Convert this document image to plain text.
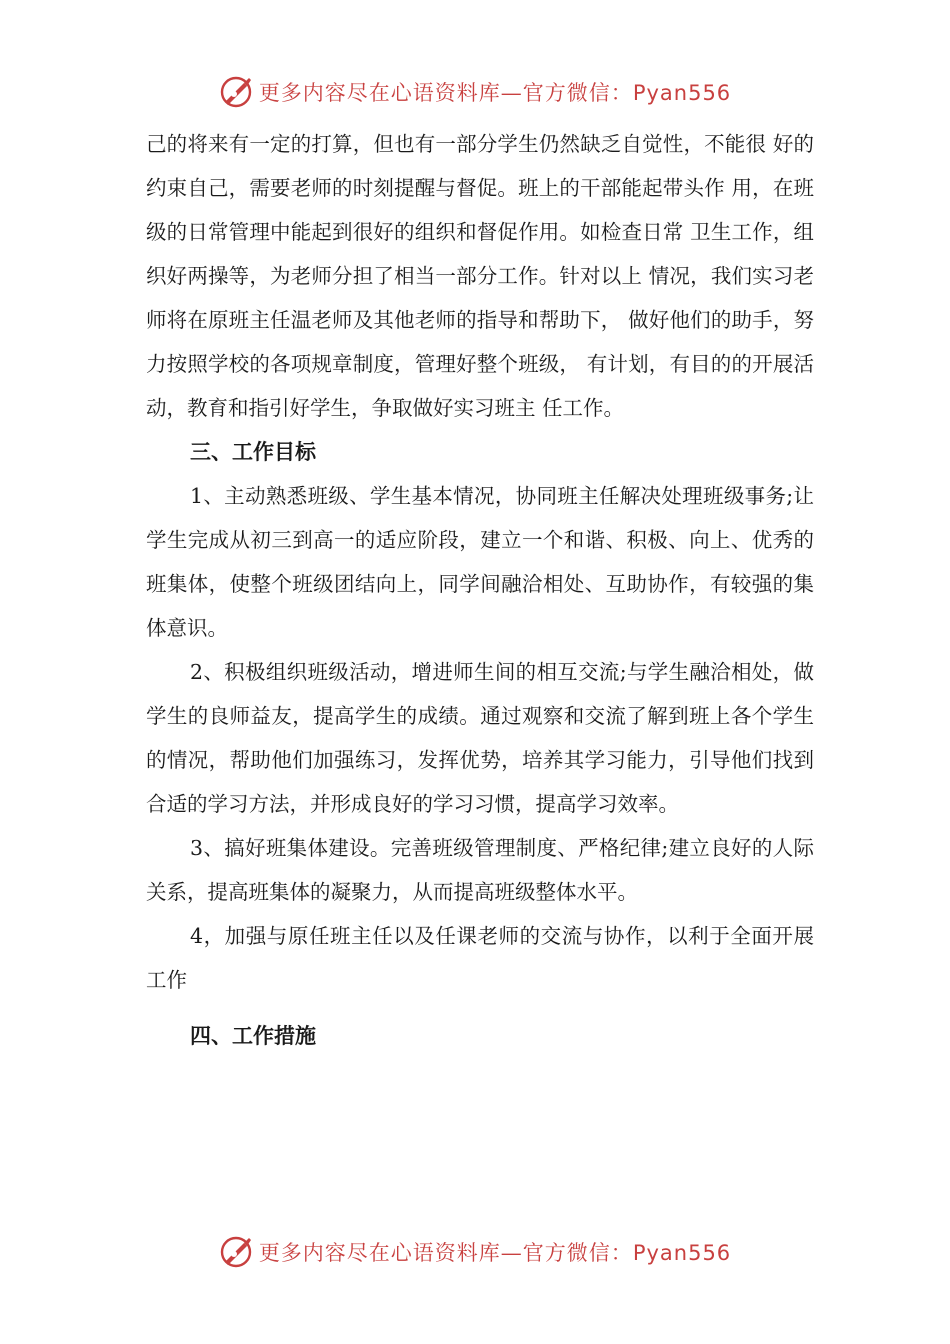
更多内容尽在心语资料库—官方微信：Pyan556

己的将来有一定的打算，但也有一部分学生仍然缺乏自觉性，不能很 好的约束自己，需要老师的时刻提醒与督促。班上的干部能起带头作 用，在班级的日常管理中能起到很好的组织和督促作用。如检查日常 卫生工作，组织好两操等，为老师分担了相当一部分工作。针对以上 情况，我们实习老师将在原班主任温老师及其他老师的指导和帮助下， 做好他们的助手，努力按照学校的各项规章制度，管理好整个班级， 有计划，有目的的开展活动，教育和指引好学生，争取做好实习班主 任工作。

三、工作目标

1、主动熟悉班级、学生基本情况，协同班主任解决处理班级事务;让学生完成从初三到高一的适应阶段，建立一个和谐、积极、向上、优秀的班集体，使整个班级团结向上，同学间融洽相处、互助协作，有较强的集体意识。

2、积极组织班级活动，增进师生间的相互交流;与学生融洽相处，做学生的良师益友，提高学生的成绩。通过观察和交流了解到班上各个学生的情况，帮助他们加强练习，发挥优势，培养其学习能力，引导他们找到合适的学习方法，并形成良好的学习习惯，提高学习效率。

3、搞好班集体建设。完善班级管理制度、严格纪律;建立良好的人际关系，提高班集体的凝聚力，从而提高班级整体水平。

4，加强与原任班主任以及任课老师的交流与协作，以利于全面开展工作

四、工作措施

更多内容尽在心语资料库—官方微信：Pyan556
